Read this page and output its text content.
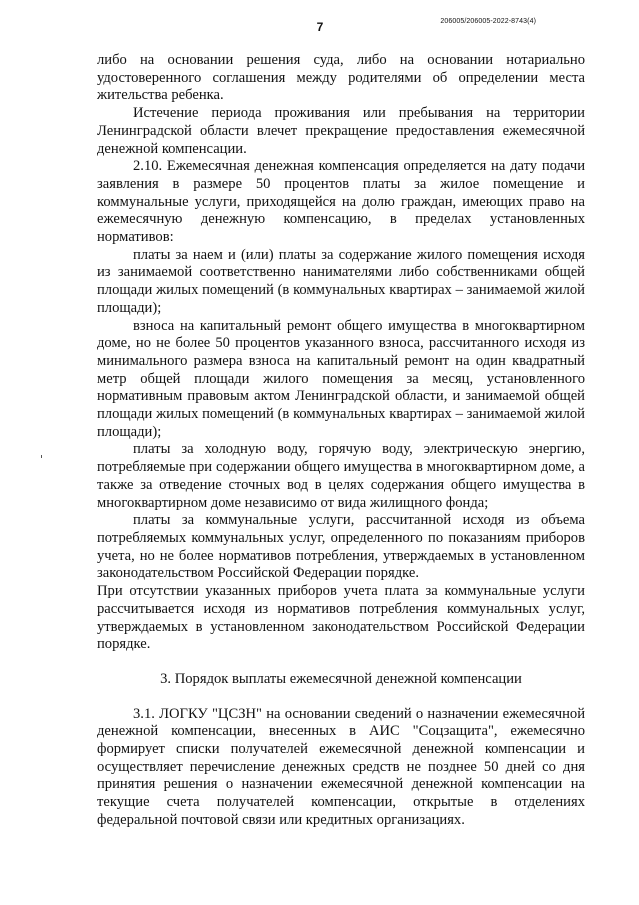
7	206005/206005-2022-8743(4)

либо на основании решения суда, либо на основании нотариально удостоверенного соглашения между родителями об определении места жительства ребенка.

Истечение периода проживания или пребывания на территории Ленинградской области влечет прекращение предоставления ежемесячной денежной компенсации.

2.10. Ежемесячная денежная компенсация определяется на дату подачи заявления в размере 50 процентов платы за жилое помещение и коммунальные услуги, приходящейся на долю граждан, имеющих право на ежемесячную денежную компенсацию, в пределах установленных нормативов:

платы за наем и (или) платы за содержание жилого помещения исходя из занимаемой соответственно нанимателями либо собственниками общей площади жилых помещений (в коммунальных квартирах – занимаемой жилой площади);

взноса на капитальный ремонт общего имущества в многоквартирном доме, но не более 50 процентов указанного взноса, рассчитанного исходя из минимального размера взноса на капитальный ремонт на один квадратный метр общей площади жилого помещения за месяц, установленного нормативным правовым актом Ленинградской области, и занимаемой общей площади жилых помещений (в коммунальных квартирах – занимаемой жилой площади);

платы за холодную воду, горячую воду, электрическую энергию, потребляемые при содержании общего имущества в многоквартирном доме, а также за отведение сточных вод в целях содержания общего имущества в многоквартирном доме независимо от вида жилищного фонда;

платы за коммунальные услуги, рассчитанной исходя из объема потребляемых коммунальных услуг, определенного по показаниям приборов учета, но не более нормативов потребления, утверждаемых в установленном законодательством Российской Федерации порядке.

При отсутствии указанных приборов учета плата за коммунальные услуги рассчитывается исходя из нормативов потребления коммунальных услуг, утверждаемых в установленном законодательством Российской Федерации порядке.

3. Порядок выплаты ежемесячной денежной компенсации

3.1. ЛОГКУ "ЦСЗН" на основании сведений о назначении ежемесячной денежной компенсации, внесенных в АИС "Соцзащита", ежемесячно формирует списки получателей ежемесячной денежной компенсации и осуществляет перечисление денежных средств не позднее 50 дней со дня принятия решения о назначении ежемесячной денежной компенсации на текущие счета получателей компенсации, открытые в отделениях федеральной почтовой связи или кредитных организациях.
